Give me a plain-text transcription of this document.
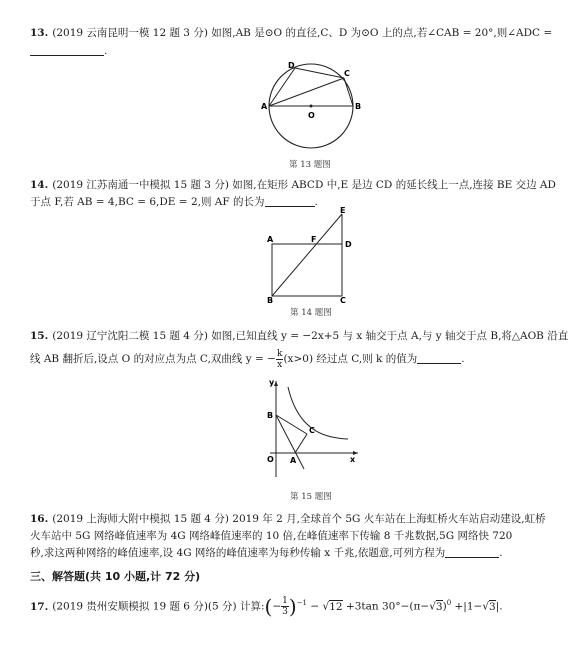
13. (2019 云南昆明一模 12 题 3 分) 如图,AB 是⊙O 的直径,C、D 为⊙O 上的点,若∠CAB = 20°,则∠ADC =
.
A	B
C
D
O
第 13 题图
14. (2019 江苏南通一中模拟 15 题 3 分) 如图,在矩形 ABCD 中,E 是边 CD 的延长线上一点,连接 BE 交边 AD
于点 F,若 AB = 4,BC = 6,DE = 2,则 AF 的长为	.
A	F
D
E
B	C
第 14 题图
15. (2019 辽宁沈阳二模 15 题 4 分) 如图,已知直线 y = −2x+5 与 x 轴交于点 A,与 y 轴交于点 B,将△AOB 沿直
线 AB 翻折后,设点 O 的对应点为点 C,双曲线 y = − $\frac{k}{x} (x>0)$ 经过点 C,则 k 的值为	.
y
x
B
O A
C
第 15 题图
16. (2019 上海师大附中模拟 15 题 4 分) 2019 年 2 月,全球首个 5G 火车站在上海虹桥火车站启动建设,虹桥
火车站中 5G 网络峰值速率为 4G 网络峰值速率的 10 倍,在峰值速率下传输 8 千兆数据,5G 网络快 720
秒,求这两种网络的峰值速率,设 4G 网络的峰值速率为每秒传输 x 千兆,依题意,可列方程为	.
三、解答题(共 10 小题,计 72 分)
17. (2019 贵州安顺模拟 19 题 6 分)(5 分) 计算:(− $\frac{1}{3} )^{-1} - √12 +3\tan$ $30^\circ-(\pi-√3)^0 +|1-√3|$.
